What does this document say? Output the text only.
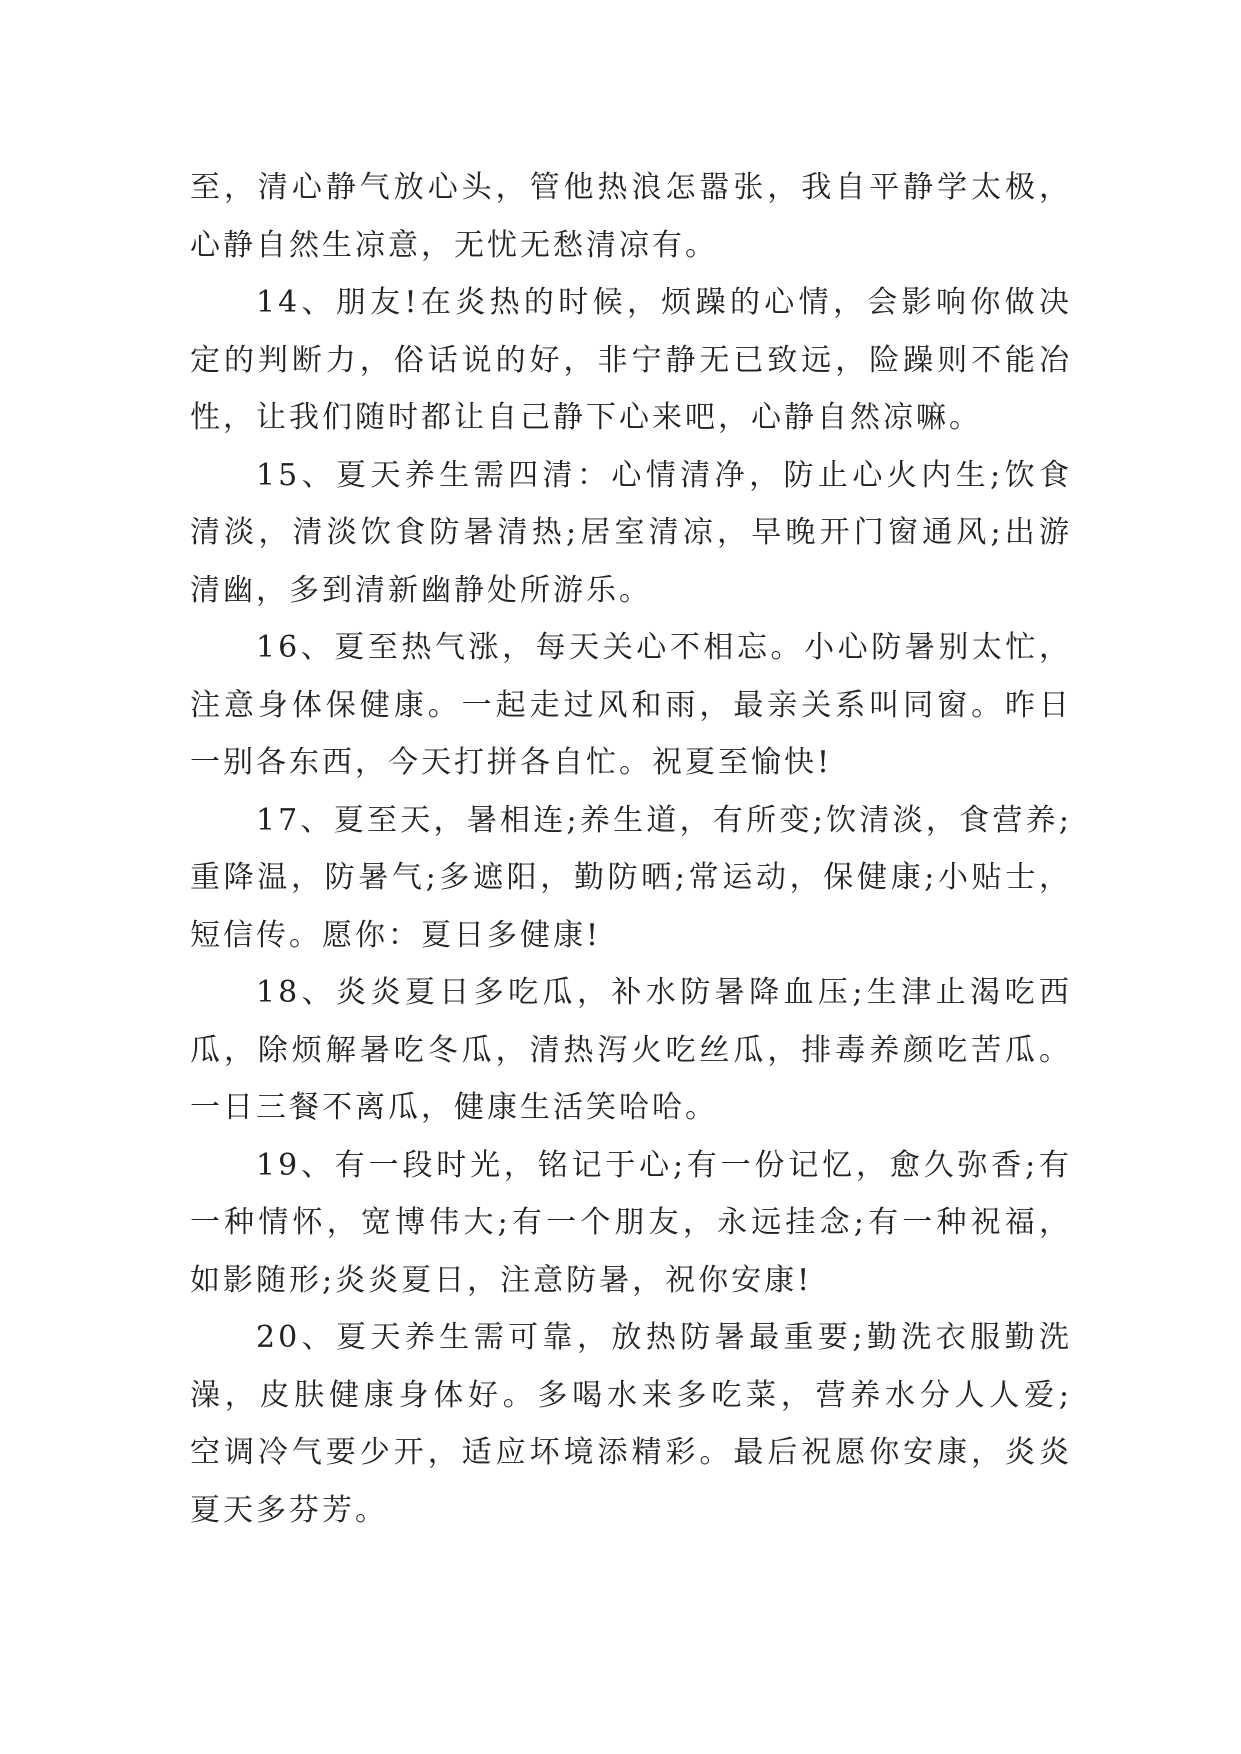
至，清心静气放心头，管他热浪怎嚣张，我自平静学太极，
心静自然生凉意，无忧无愁清凉有。
14、朋友!在炎热的时候，烦躁的心情，会影响你做决
定的判断力，俗话说的好，非宁静无已致远，险躁则不能冶
性，让我们随时都让自己静下心来吧，心静自然凉嘛。
15、夏天养生需四清：心情清净，防止心火内生;饮食
清淡，清淡饮食防暑清热;居室清凉，早晚开门窗通风;出游
清幽，多到清新幽静处所游乐。
16、夏至热气涨，每天关心不相忘。小心防暑别太忙，
注意身体保健康。一起走过风和雨，最亲关系叫同窗。昨日
一别各东西，今天打拼各自忙。祝夏至愉快!
17、夏至天，暑相连;养生道，有所变;饮清淡，食营养;
重降温，防暑气;多遮阳，勤防晒;常运动，保健康;小贴士，
短信传。愿你：夏日多健康!
18、炎炎夏日多吃瓜，补水防暑降血压;生津止渴吃西
瓜，除烦解暑吃冬瓜，清热泻火吃丝瓜，排毒养颜吃苦瓜。
一日三餐不离瓜，健康生活笑哈哈。
19、有一段时光，铭记于心;有一份记忆，愈久弥香;有
一种情怀，宽博伟大;有一个朋友，永远挂念;有一种祝福，
如影随形;炎炎夏日，注意防暑，祝你安康!
20、夏天养生需可靠，放热防暑最重要;勤洗衣服勤洗
澡，皮肤健康身体好。多喝水来多吃菜，营养水分人人爱;
空调冷气要少开，适应坏境添精彩。最后祝愿你安康，炎炎
夏天多芬芳。
